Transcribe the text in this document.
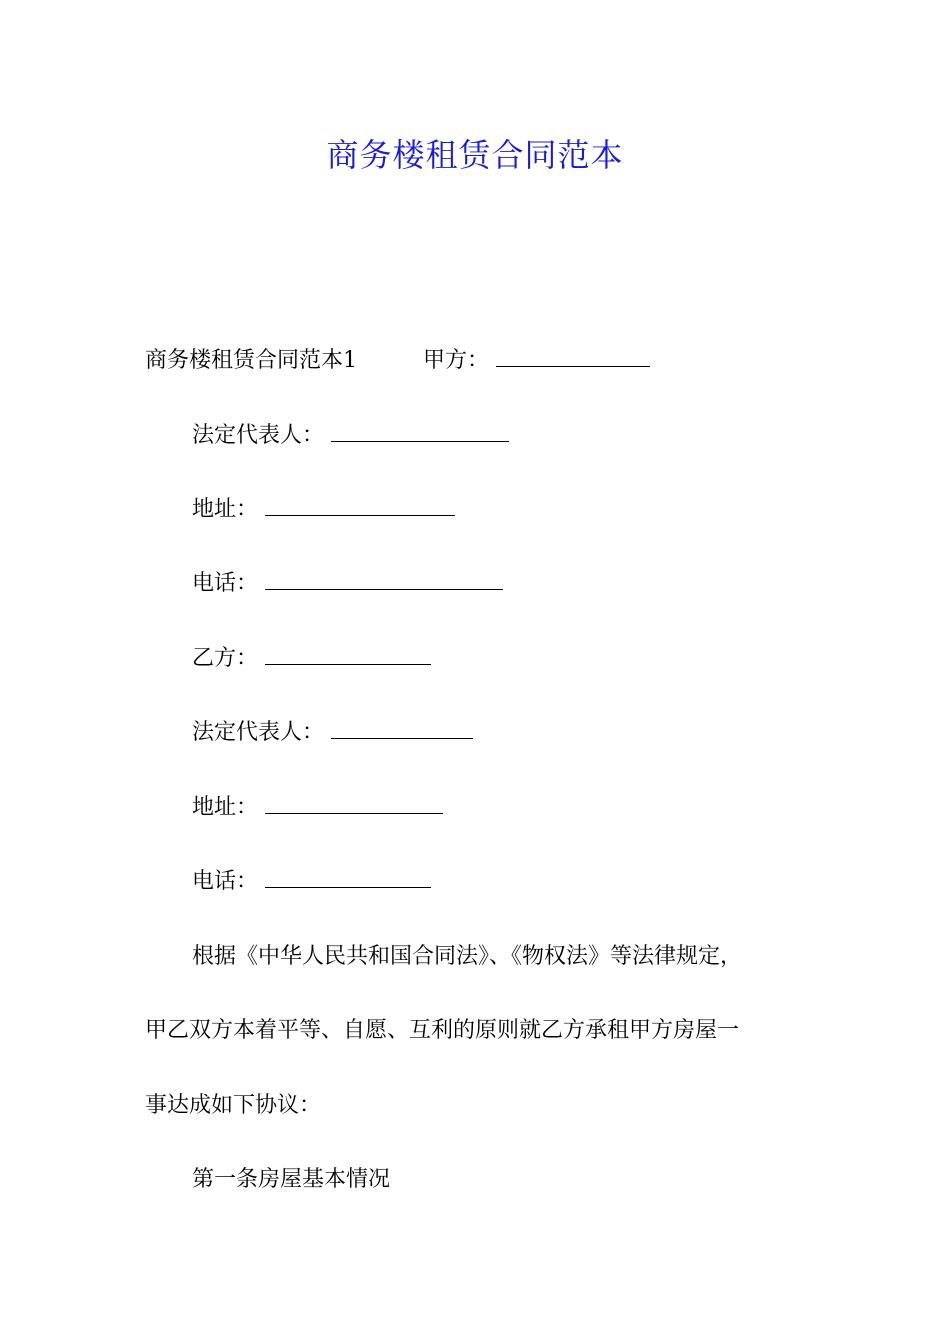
商务楼租赁合同范本
商务楼租赁合同范本1	甲方：
法定代表人：
地址：
电话：
乙方：
法定代表人：
地址：
电话：
根据《中华人民共和国合同法》、《物权法》等法律规定，
甲乙双方本着平等、自愿、互利的原则就乙方承租甲方房屋一
事达成如下协议：
第一条房屋基本情况
